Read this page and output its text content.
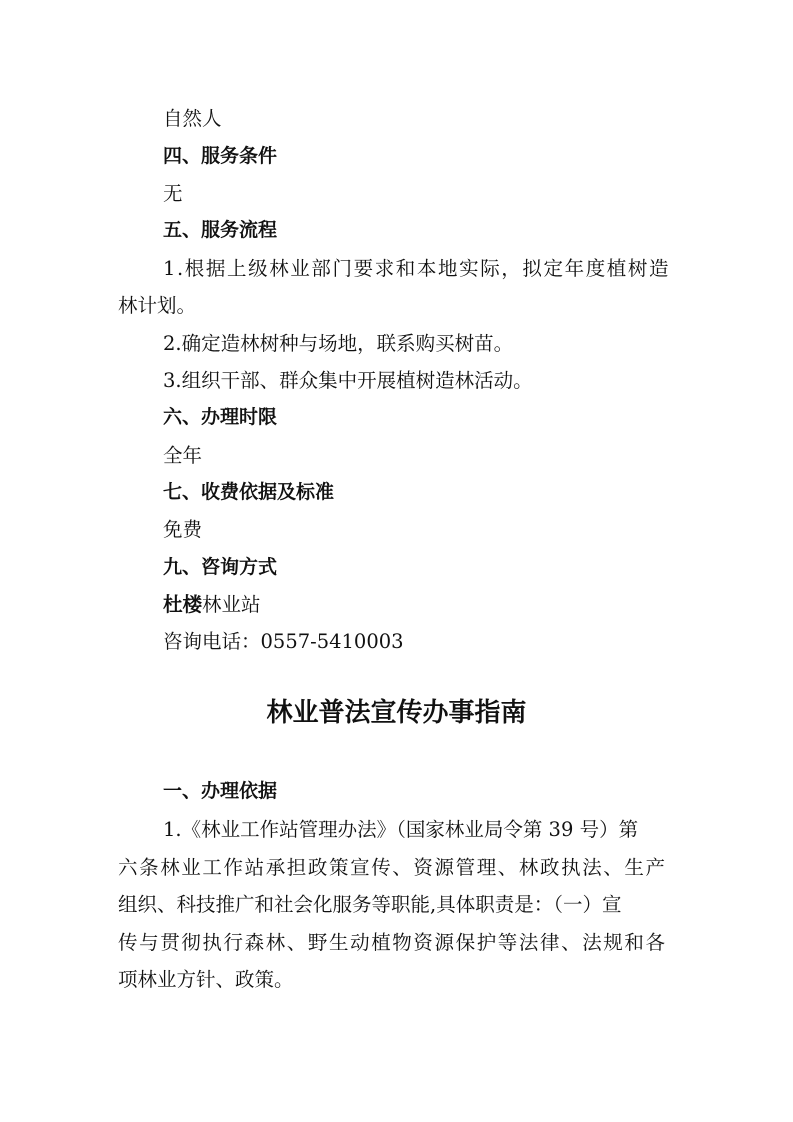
自然人
四、服务条件
无
五、服务流程
1.根据上级林业部门要求和本地实际，拟定年度植树造
林计划。
2.确定造林树种与场地，联系购买树苗。
3.组织干部、群众集中开展植树造林活动。
六、办理时限
全年
七、收费依据及标准
免费
九、咨询方式
杜楼林业站
咨询电话：0557-5410003
林业普法宣传办事指南
一、办理依据
1.《林业工作站管理办法》（国家林业局令第 39 号）第
六条林业工作站承担政策宣传、资源管理、林政执法、生产
组织、科技推广和社会化服务等职能,具体职责是：（一）宣
传与贯彻执行森林、野生动植物资源保护等法律、法规和各
项林业方针、政策。
